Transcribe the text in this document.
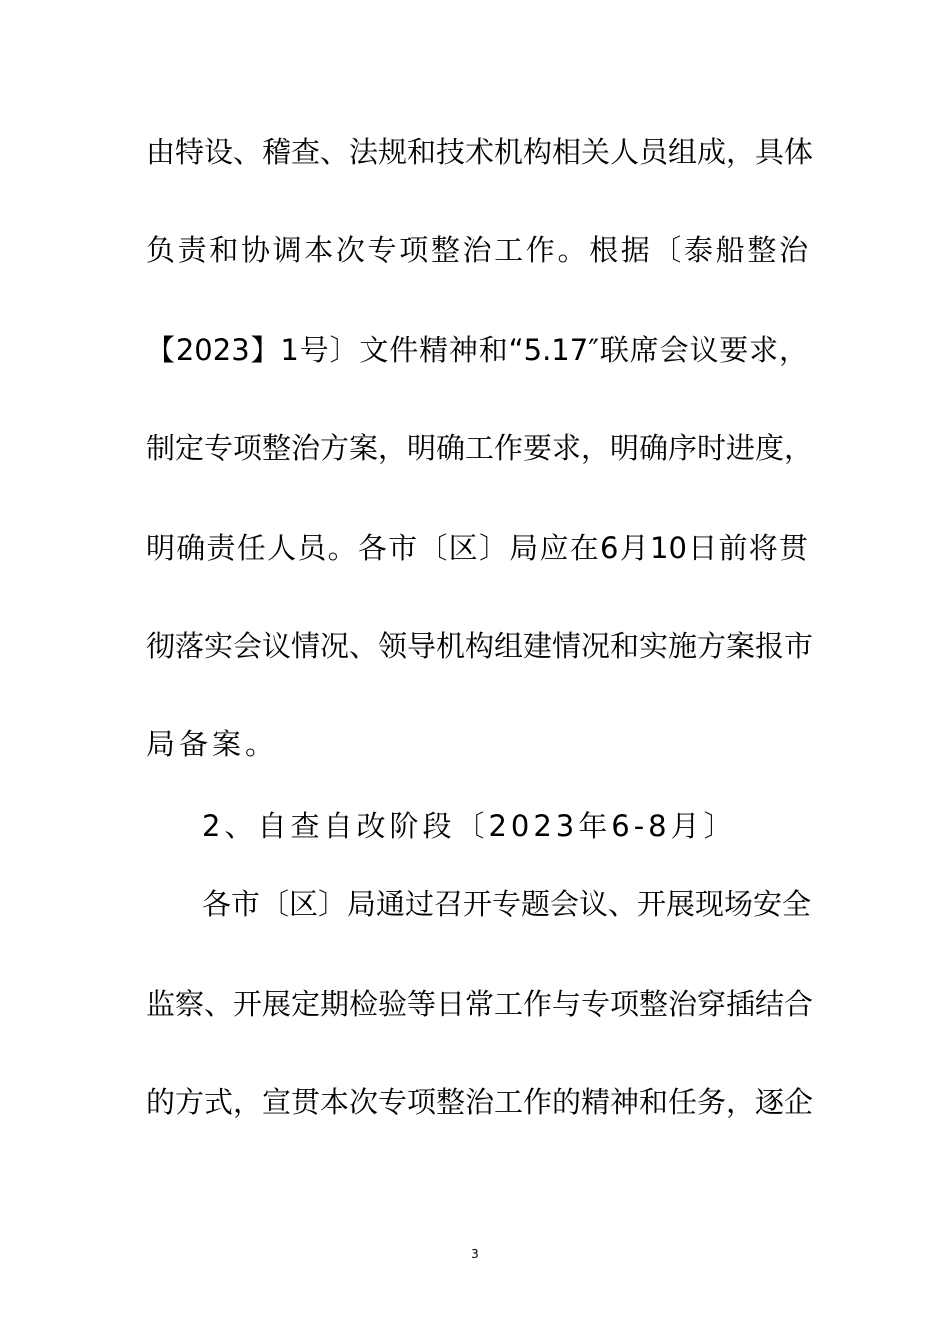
由特设、稽查、法规和技术机构相关人员组成，具体
负责和协调本次专项整治工作。根据〔泰船整治
【2023】1号〕文件精神和“5.17″联席会议要求，
制定专项整治方案，明确工作要求，明确序时进度，
明确责任人员。各市〔区〕局应在6月10日前将贯
彻落实会议情况、领导机构组建情况和实施方案报市
局备案。
2、自查自改阶段〔2023年6-8月〕
各市〔区〕局通过召开专题会议、开展现场安全
监察、开展定期检验等日常工作与专项整治穿插结合
的方式，宣贯本次专项整治工作的精神和任务，逐企
3
